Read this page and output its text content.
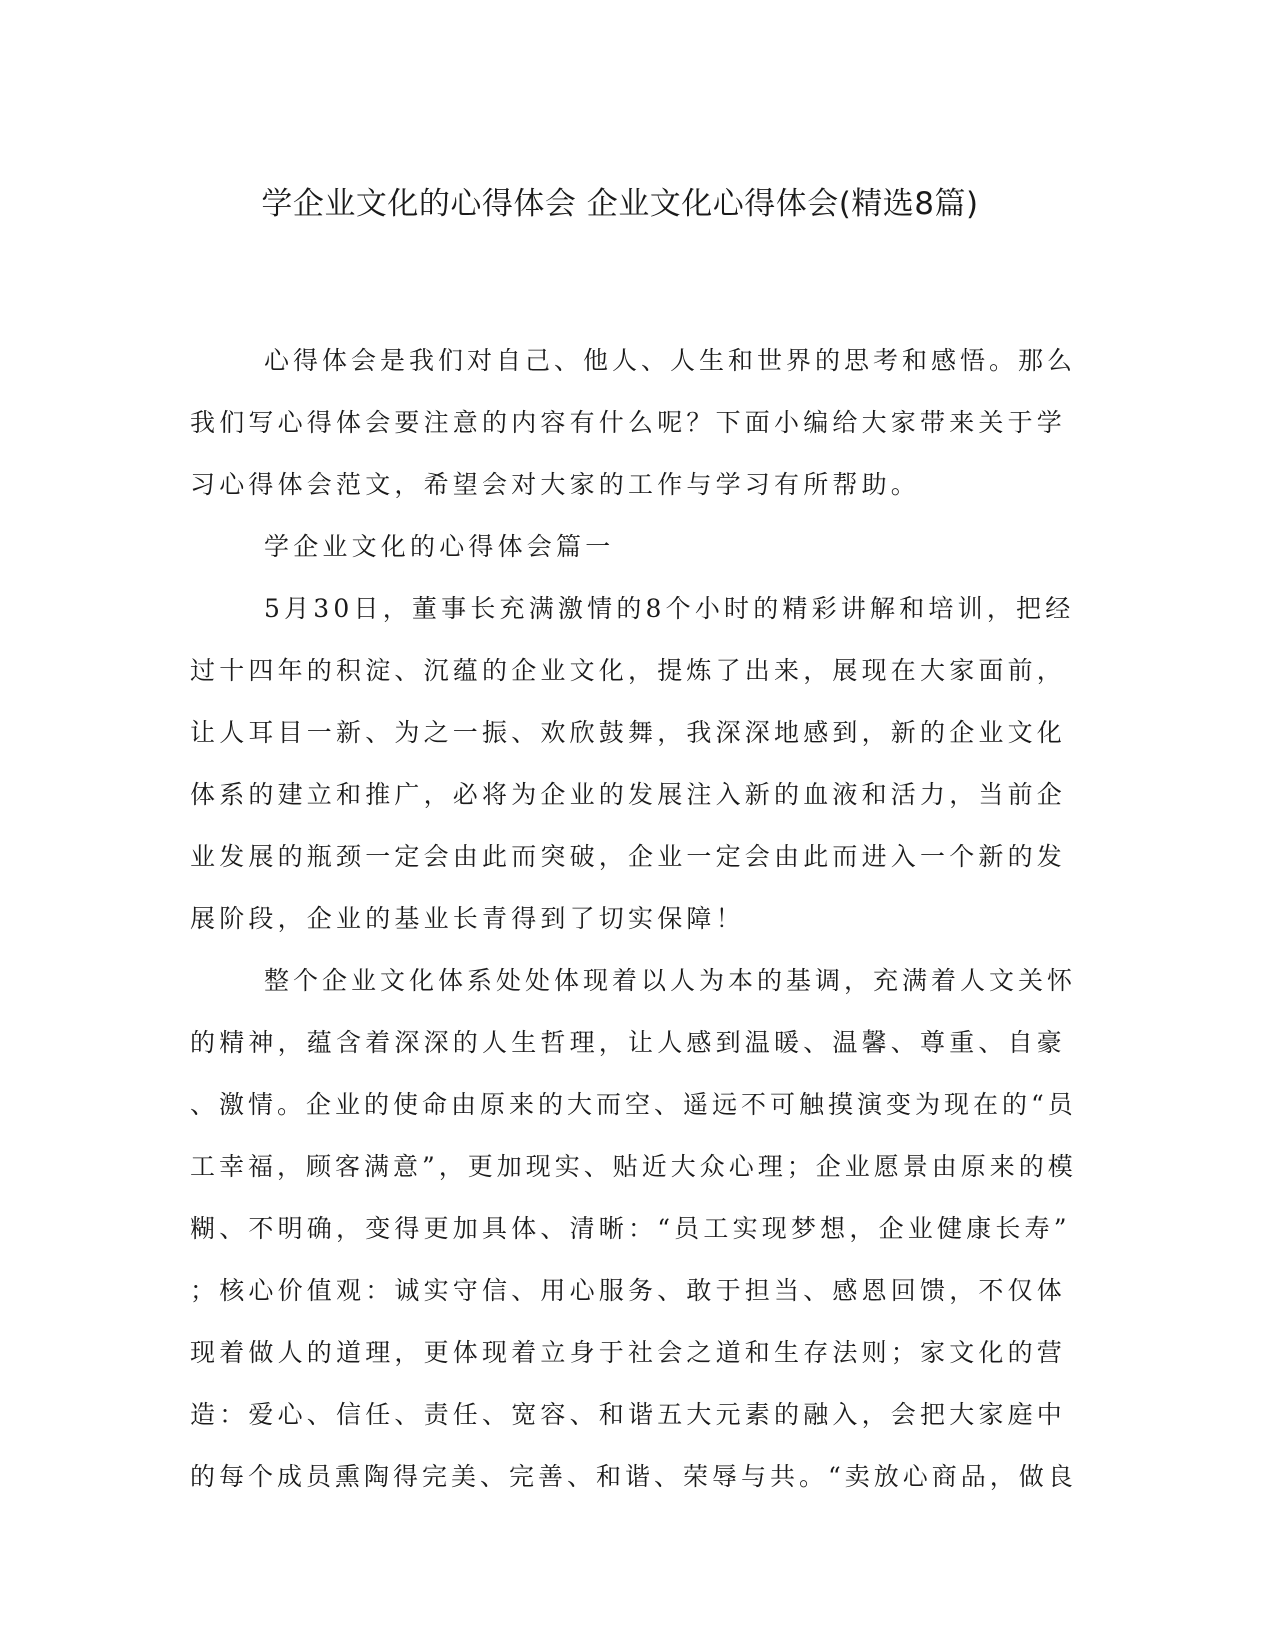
学企业文化的心得体会 企业文化心得体会(精选8篇)

心得体会是我们对自己、他人、人生和世界的思考和感悟。那么
我们写心得体会要注意的内容有什么呢？下面小编给大家带来关于学
习心得体会范文，希望会对大家的工作与学习有所帮助。

学企业文化的心得体会篇一

5月30日，董事长充满激情的8个小时的精彩讲解和培训，把经
过十四年的积淀、沉蕴的企业文化，提炼了出来，展现在大家面前，
让人耳目一新、为之一振、欢欣鼓舞，我深深地感到，新的企业文化
体系的建立和推广，必将为企业的发展注入新的血液和活力，当前企
业发展的瓶颈一定会由此而突破，企业一定会由此而进入一个新的发
展阶段，企业的基业长青得到了切实保障！

整个企业文化体系处处体现着以人为本的基调，充满着人文关怀
的精神，蕴含着深深的人生哲理，让人感到温暖、温馨、尊重、自豪
、激情。企业的使命由原来的大而空、遥远不可触摸演变为现在的“员
工幸福，顾客满意”，更加现实、贴近大众心理；企业愿景由原来的模
糊、不明确，变得更加具体、清晰：“员工实现梦想，企业健康长寿”
；核心价值观：诚实守信、用心服务、敢于担当、感恩回馈，不仅体
现着做人的道理，更体现着立身于社会之道和生存法则；家文化的营
造：爱心、信任、责任、宽容、和谐五大元素的融入，会把大家庭中
的每个成员熏陶得完美、完善、和谐、荣辱与共。“卖放心商品，做良
